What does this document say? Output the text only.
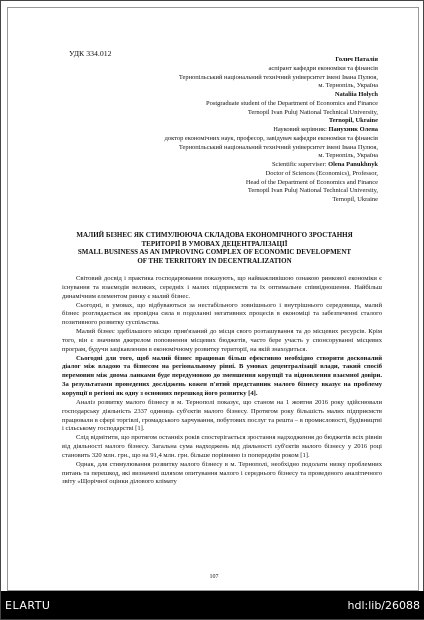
УДК 334.012
Голич Наталія
аспірант кафедри економіки та фінансів
Тернопільський національний технічний університет імені Івана Пулюя,
м. Тернопіль, Україна
Nataliia Holych
Postgraduate student of the Department of Economics and Finance
Ternopil Ivan Puluj National Technical University,
Ternopil, Ukraine
Науковий керівник: Панухник Олена
доктор економічних наук, професор, завідувач кафедри економіки та фінансів
Тернопільський національний технічний університет імені Івана Пулюя,
м. Тернопіль, Україна
Scientific superviser: Olena Panukhnyk
Doctor of Sciences (Economics), Professor,
Head of the Department of Economics and Finance
Ternopil Ivan Puluj National Technical University,
Ternopil, Ukraine
МАЛИЙ БІЗНЕС ЯК СТИМУЛЮЮЧА СКЛАДОВА ЕКОНОМІЧНОГО ЗРОСТАННЯ
ТЕРИТОРІЇ В УМОВАХ ДЕЦЕНТРАЛІЗАЦІЇ
SMALL BUSINESS AS AN IMPROVING COMPLEX OF ECONOMIC DEVELOPMENT
OF THE TERRITORY IN DECENTRALIZATION

Світовий досвід і практика господарювання показують, що найважливішою ознакою ринкової економіки є існування та взаємодія великих, середніх і малих підприємств та їх оптимальне співвідношення. Найбільш динамічним елементом ринку є малий бізнес.

Сьогодні, в умовах, що відбуваються за нестабільного зовнішнього і внутрішнього середовища, малий бізнес розглядається як провідна сила в подоланні негативних процесів в економіці та забезпеченні сталого позитивного розвитку суспільства.

Малий бізнес здебільшого місцю прив'язаний до місця свого розташування та до місцевих ресурсів. Крім того, він є значним джерелом поповнення місцевих бюджетів, часто бере участь у спонсоруванні місцевих програм, будучи зацікавленим в економічному розвитку території, на якій знаходиться.

Сьогодні для того, щоб малий бізнес працював більш ефективно необхідно створити досконалий діалог між владою та бізнесом на регіональному рівні. В умовах децентралізації влади, такий спосіб перемовин між двома ланками буде передумовою до зменшення корупції та відновлення взаємної довіри. За результатами проведених досліджень кожен п'ятий представник малого бізнесу вказує на проблему корупції в регіоні як одну з основних перешкод його розвитку [4].

Аналіз розвитку малого бізнесу в м. Тернополі показує, що станом на 1 жовтня 2016 року здійснювали господарську діяльність 2337 одиниць суб'єктів малого бізнесу. Протягом року більшість малих підприємств працювали в сфері торгівлі, громадського харчування, побутових послуг та решта – в промисловості, будівництві і сільському господарстві [1].

Слід відмітити, що протягом останніх років спостерігається зростання надходження до бюджетів всіх рівнів від діяльності малого бізнесу. Загальна сума надходжень від діяльності суб'єктів малого бізнесу у 2016 році становить 320 млн. грн., що на 91,4 млн. грн. більше порівняно із попереднім роком [1].

Однак, для стимулювання розвитку малого бізнесу в м. Тернополі, необхідно подолати низку проблемних питань та перешкод, які визначені шляхом опитування малого і середнього бізнесу та проведеного аналітичного звіту «Щорічної оцінки ділового клімату

107
ELARTU	hdl:lib/26088
